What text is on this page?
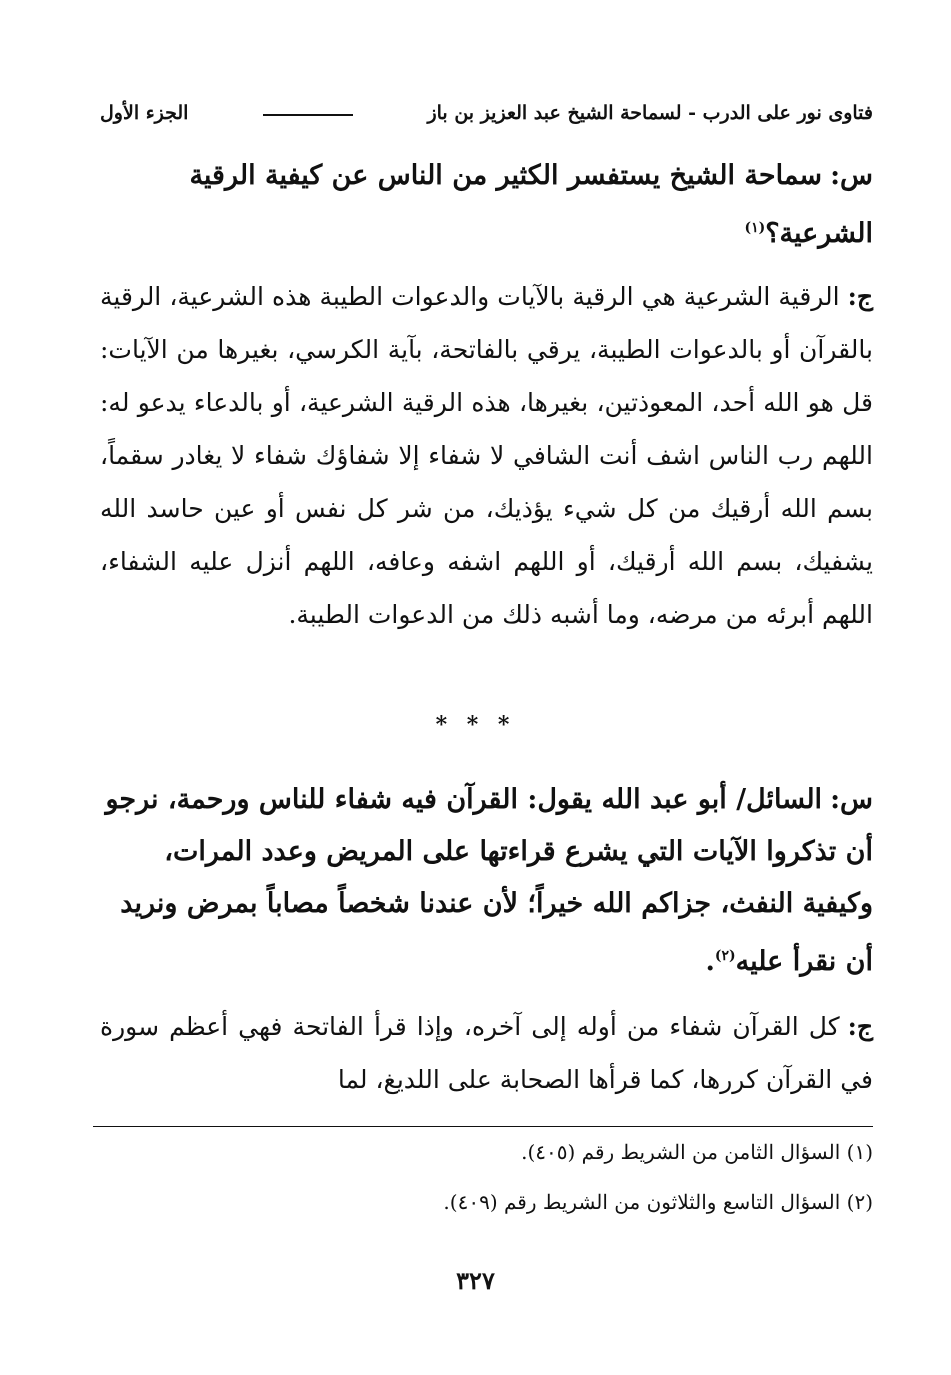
فتاوى نور على الدرب - لسماحة الشيخ عبد العزيز بن باز
الجزء الأول
س:سماحة الشيخ يستفسر الكثير من الناس عن كيفية الرقية الشرعية؟$^{(١)}$
ج:الرقية الشرعية هي الرقية بالآيات والدعوات الطيبة هذه الشرعية، الرقية بالقرآن أو بالدعوات الطيبة، يرقي بالفاتحة، بآية الكرسي، بغيرها من الآيات: قل هو الله أحد، المعوذتين، بغيرها، هذه الرقية الشرعية، أو بالدعاء يدعو له: اللهم رب الناس اشف أنت الشافي لا شفاء إلا شفاؤك شفاء لا يغادر سقماً، بسم الله أرقيك من كل شيء يؤذيك، من شر كل نفس أو عين حاسد الله يشفيك، بسم الله أرقيك، أو اللهم اشفه وعافه، اللهم أنزل عليه الشفاء، اللهم أبرئه من مرضه، وما أشبه ذلك من الدعوات الطيبة.
* * *
س:السائل/ أبو عبد الله يقول: القرآن فيه شفاء للناس ورحمة، نرجو أن تذكروا الآيات التي يشرع قراءتها على المريض وعدد المرات، وكيفية النفث، جزاكم الله خيراً؛ لأن عندنا شخصاً مصاباً بمرض ونريد أن نقرأ عليه$^{(٢)}$.
ج:كل القرآن شفاء من أوله إلى آخره، وإذا قرأ الفاتحة فهي أعظم سورة في القرآن كررها، كما قرأها الصحابة على اللديغ، لما
(١) السؤال الثامن من الشريط رقم (٤٠٥).
(٢) السؤال التاسع والثلاثون من الشريط رقم (٤٠٩).
٣٢٧
